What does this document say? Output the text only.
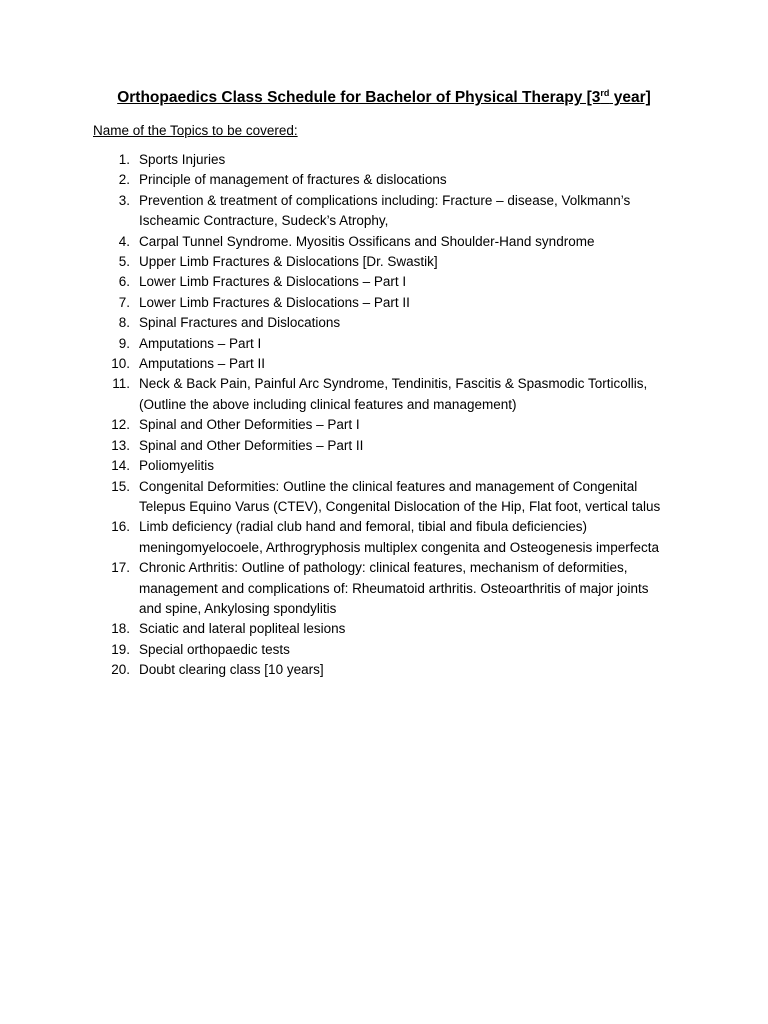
Orthopaedics Class Schedule for Bachelor of Physical Therapy [3rd year]
Name of the Topics to be covered:
1. Sports Injuries
2. Principle of management of fractures & dislocations
3. Prevention & treatment of complications including: Fracture – disease, Volkmann’s Ischeamic Contracture, Sudeck’s Atrophy,
4. Carpal Tunnel Syndrome. Myositis Ossificans and Shoulder-Hand syndrome
5. Upper Limb Fractures & Dislocations [Dr. Swastik]
6. Lower Limb Fractures & Dislocations – Part I
7. Lower Limb Fractures & Dislocations – Part II
8. Spinal Fractures and Dislocations
9. Amputations – Part I
10. Amputations – Part II
11. Neck & Back Pain, Painful Arc Syndrome, Tendinitis, Fascitis & Spasmodic Torticollis, (Outline the above including clinical features and management)
12. Spinal and Other Deformities – Part I
13. Spinal and Other Deformities – Part II
14. Poliomyelitis
15. Congenital Deformities: Outline the clinical features and management of Congenital Telepus Equino Varus (CTEV), Congenital Dislocation of the Hip, Flat foot, vertical talus
16. Limb deficiency (radial club hand and femoral, tibial and fibula deficiencies) meningomyelocoele, Arthrogryphosis multiplex congenita and Osteogenesis imperfecta
17. Chronic Arthritis: Outline of pathology: clinical features, mechanism of deformities, management and complications of: Rheumatoid arthritis. Osteoarthritis of major joints and spine, Ankylosing spondylitis
18. Sciatic and lateral popliteal lesions
19. Special orthopaedic tests
20. Doubt clearing class [10 years]
